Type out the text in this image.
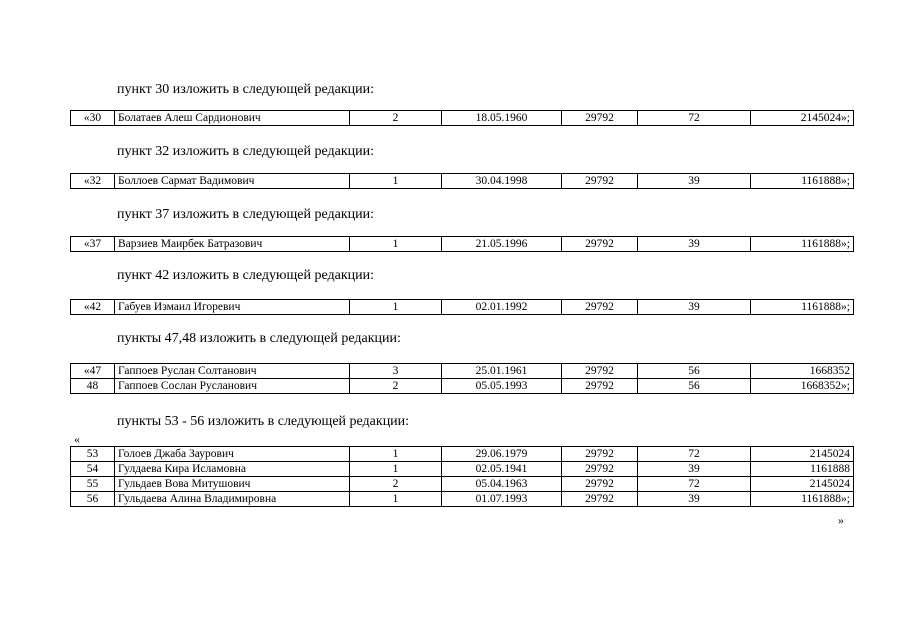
пункт 30 изложить в следующей редакции:
«30	Болатаев Алеш Сардионович	2	18.05.1960	29792	72	2145024»;
пункт 32 изложить в следующей редакции:
«32	Боллоев Сармат Вадимович	1	30.04.1998	29792	39	1161888»;
пункт 37 изложить в следующей редакции:
«37	Варзиев Маирбек Батразович	1	21.05.1996	29792	39	1161888»;
пункт 42 изложить в следующей редакции:
«42	Габуев Измаил Игоревич	1	02.01.1992	29792	39	1161888»;
пункты 47,48 изложить в следующей редакции:
«47	Гаппоев Руслан Солтанович	3	25.01.1961	29792	56	1668352
48	Гаппоев Сослан Русланович	2	05.05.1993	29792	56	1668352»;
пункты 53 - 56 изложить в следующей редакции:
«
53	Голоев Джаба Заурович	1	29.06.1979	29792	72	2145024
54	Гулдаева Кира Исламовна	1	02.05.1941	29792	39	1161888
55	Гульдаев Вова Митушович	2	05.04.1963	29792	72	2145024
56	Гульдаева Алина Владимировна	1	01.07.1993	29792	39	1161888»;
»
